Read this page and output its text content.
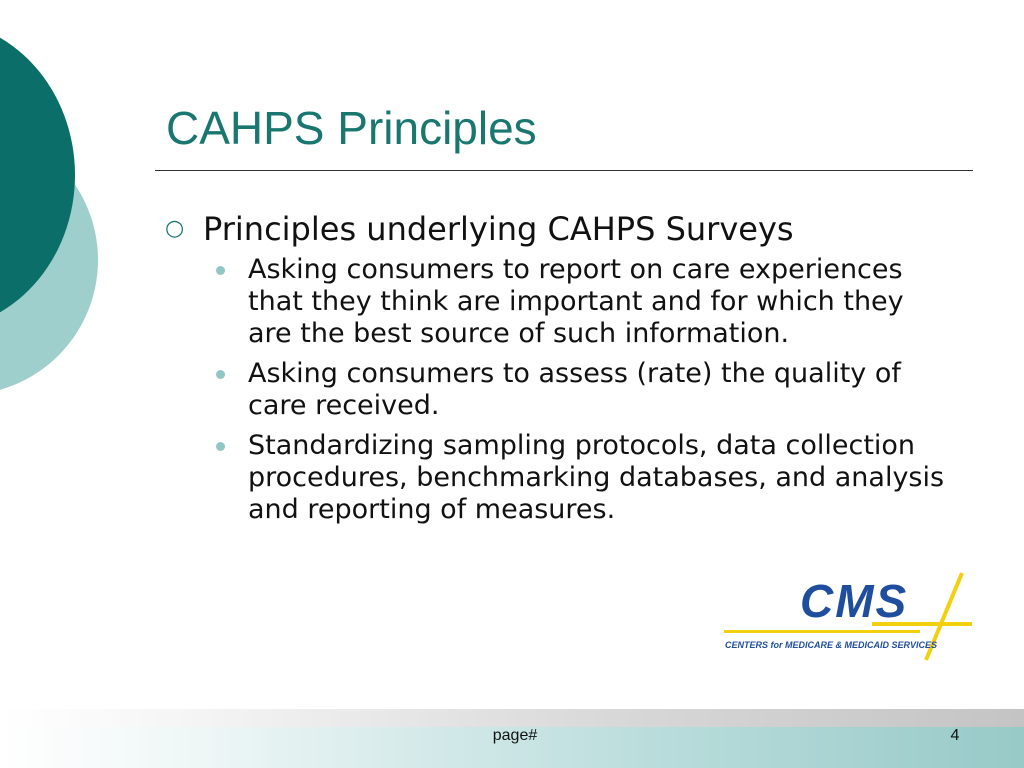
CAHPS Principles
○ Principles underlying CAHPS Surveys
Asking consumers to report on care experiences that they think are important and for which they are the best source of such information.
Asking consumers to assess (rate) the quality of care received.
Standardizing sampling protocols, data collection procedures, benchmarking databases, and analysis and reporting of measures.
CMS
CENTERS for MEDICARE & MEDICAID SERVICES
page#	4
